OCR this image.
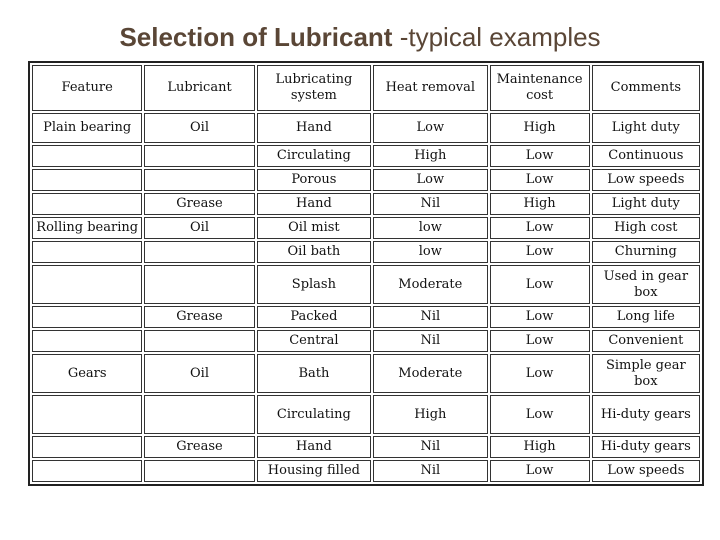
Selection of Lubricant -typical examples
Feature	Lubricant	Lubricating system	Heat removal	Maintenance cost	Comments
Plain bearing	Oil	Hand	Low	High	Light duty
		Circulating	High	Low	Continuous
		Porous	Low	Low	Low speeds
	Grease	Hand	Nil	High	Light duty
Rolling bearing	Oil	Oil mist	low	Low	High cost
		Oil bath	low	Low	Churning
		Splash	Moderate	Low	Used in gear box
	Grease	Packed	Nil	Low	Long life
		Central	Nil	Low	Convenient
Gears	Oil	Bath	Moderate	Low	Simple gear box
		Circulating	High	Low	Hi-duty gears
	Grease	Hand	Nil	High	Hi-duty gears
		Housing filled	Nil	Low	Low speeds
